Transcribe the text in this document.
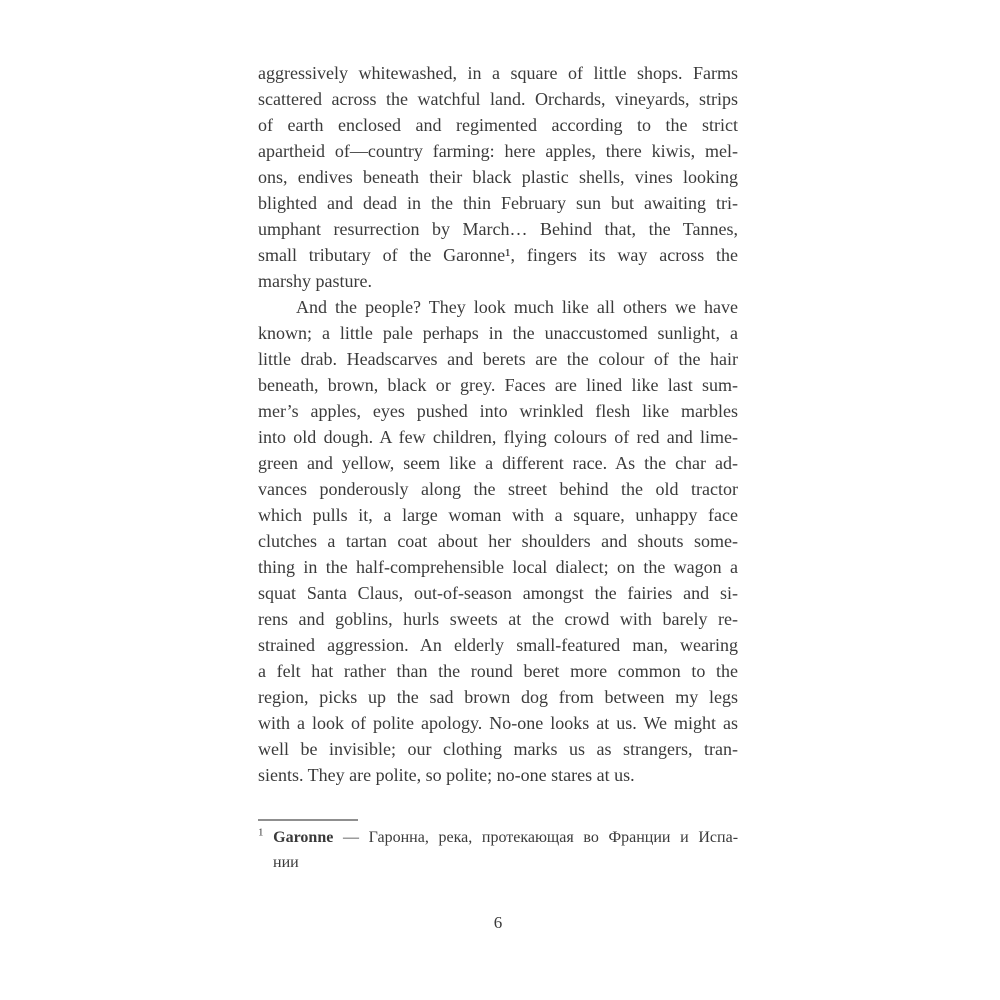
aggressively whitewashed, in a square of little shops. Farms
scattered across the watchful land. Orchards, vineyards, strips
of earth enclosed and regimented according to the strict
apartheid of—country farming: here apples, there kiwis, mel-
ons, endives beneath their black plastic shells, vines looking
blighted and dead in the thin February sun but awaiting tri-
umphant resurrection by March… Behind that, the Tannes,
small tributary of the Garonne¹, fingers its way across the
marshy pasture.
And the people? They look much like all others we have
known; a little pale perhaps in the unaccustomed sunlight, a
little drab. Headscarves and berets are the colour of the hair
beneath, brown, black or grey. Faces are lined like last sum-
mer’s apples, eyes pushed into wrinkled flesh like marbles
into old dough. A few children, flying colours of red and lime-
green and yellow, seem like a different race. As the char ad-
vances ponderously along the street behind the old tractor
which pulls it, a large woman with a square, unhappy face
clutches a tartan coat about her shoulders and shouts some-
thing in the half-comprehensible local dialect; on the wagon a
squat Santa Claus, out-of-season amongst the fairies and si-
rens and goblins, hurls sweets at the crowd with barely re-
strained aggression. An elderly small-featured man, wearing
a felt hat rather than the round beret more common to the
region, picks up the sad brown dog from between my legs
with a look of polite apology. No-one looks at us. We might as
well be invisible; our clothing marks us as strangers, tran-
sients. They are polite, so polite; no-one stares at us.
$^1$ Garonne — Гаронна, река, протекающая во Франции и Испа-
нии
6
